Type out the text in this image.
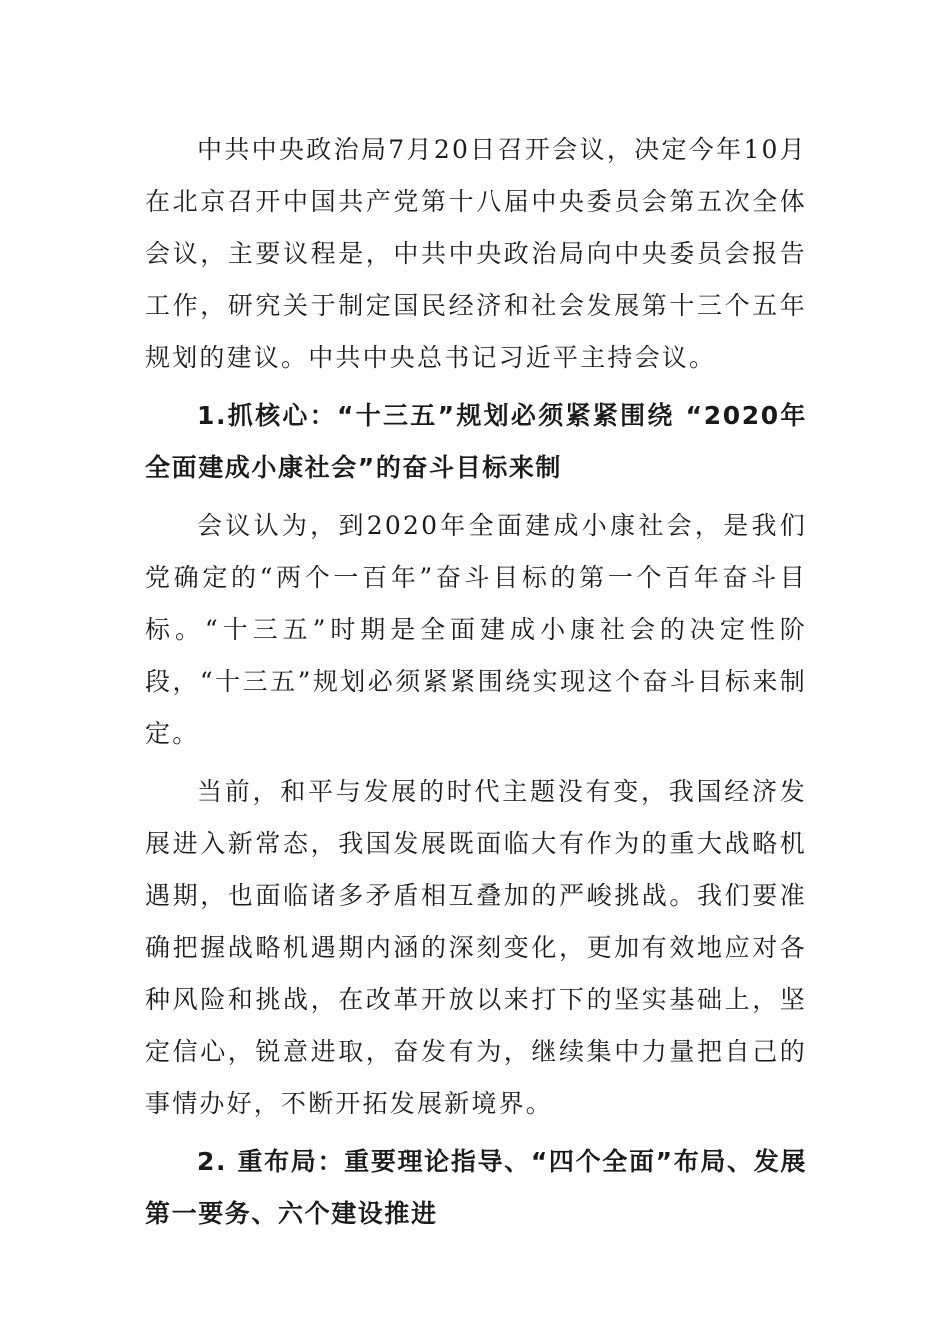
中共中央政治局7月20日召开会议，决定今年10月在北京召开中国共产党第十八届中央委员会第五次全体会议，主要议程是，中共中央政治局向中央委员会报告工作，研究关于制定国民经济和社会发展第十三个五年规划的建议。中共中央总书记习近平主持会议。

1.抓核心：“十三五”规划必须紧紧围绕 “2020年全面建成小康社会”的奋斗目标来制

会议认为，到2020年全面建成小康社会，是我们党确定的“两个一百年”奋斗目标的第一个百年奋斗目标。“十三五”时期是全面建成小康社会的决定性阶段，“十三五”规划必须紧紧围绕实现这个奋斗目标来制定。

当前，和平与发展的时代主题没有变，我国经济发展进入新常态，我国发展既面临大有作为的重大战略机遇期，也面临诸多矛盾相互叠加的严峻挑战。我们要准确把握战略机遇期内涵的深刻变化，更加有效地应对各种风险和挑战，在改革开放以来打下的坚实基础上，坚定信心，锐意进取，奋发有为，继续集中力量把自己的事情办好，不断开拓发展新境界。

2. 重布局：重要理论指导、“四个全面”布局、发展第一要务、六个建设推进
